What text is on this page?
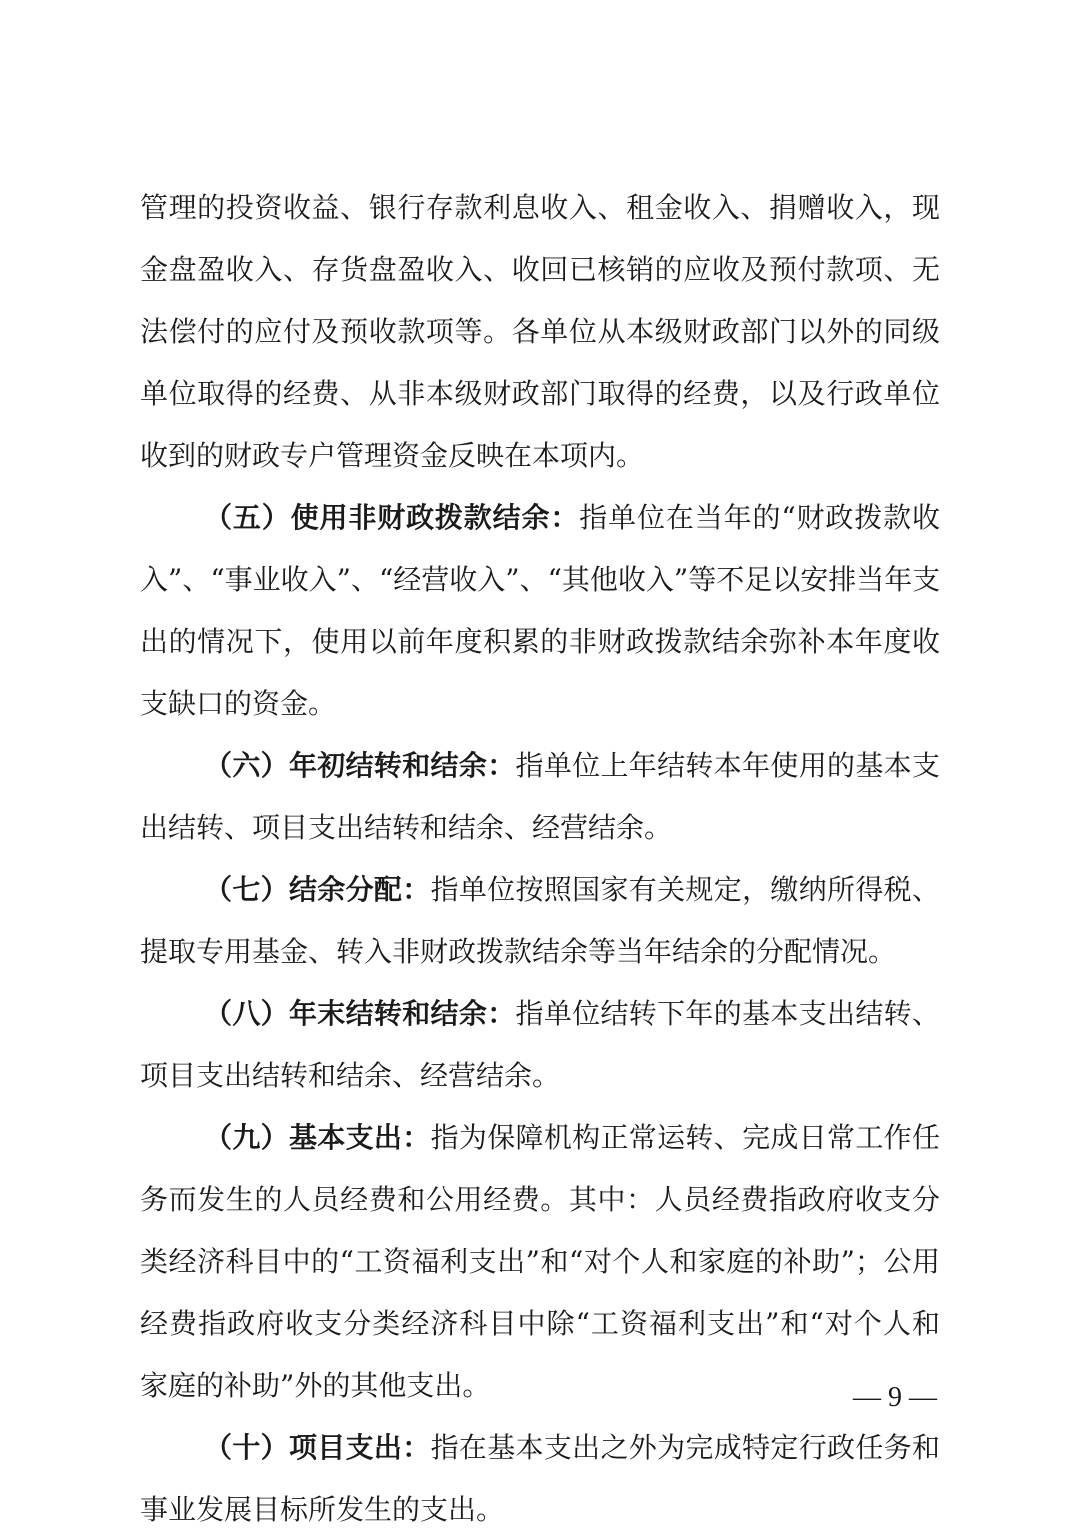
管理的投资收益、银行存款利息收入、租金收入、捐赠收入，现
金盘盈收入、存货盘盈收入、收回已核销的应收及预付款项、无
法偿付的应付及预收款项等。各单位从本级财政部门以外的同级
单位取得的经费、从非本级财政部门取得的经费，以及行政单位
收到的财政专户管理资金反映在本项内。
（五）使用非财政拨款结余：指单位在当年的“财政拨款收
入”、“事业收入”、“经营收入”、“其他收入”等不足以安排当年支
出的情况下，使用以前年度积累的非财政拨款结余弥补本年度收
支缺口的资金。
（六）年初结转和结余：指单位上年结转本年使用的基本支
出结转、项目支出结转和结余、经营结余。
（七）结余分配：指单位按照国家有关规定，缴纳所得税、
提取专用基金、转入非财政拨款结余等当年结余的分配情况。
（八）年末结转和结余：指单位结转下年的基本支出结转、
项目支出结转和结余、经营结余。
（九）基本支出：指为保障机构正常运转、完成日常工作任
务而发生的人员经费和公用经费。其中：人员经费指政府收支分
类经济科目中的“工资福利支出”和“对个人和家庭的补助”；公用
经费指政府收支分类经济科目中除“工资福利支出”和“对个人和
家庭的补助”外的其他支出。
（十）项目支出：指在基本支出之外为完成特定行政任务和
事业发展目标所发生的支出。
— 9 —
